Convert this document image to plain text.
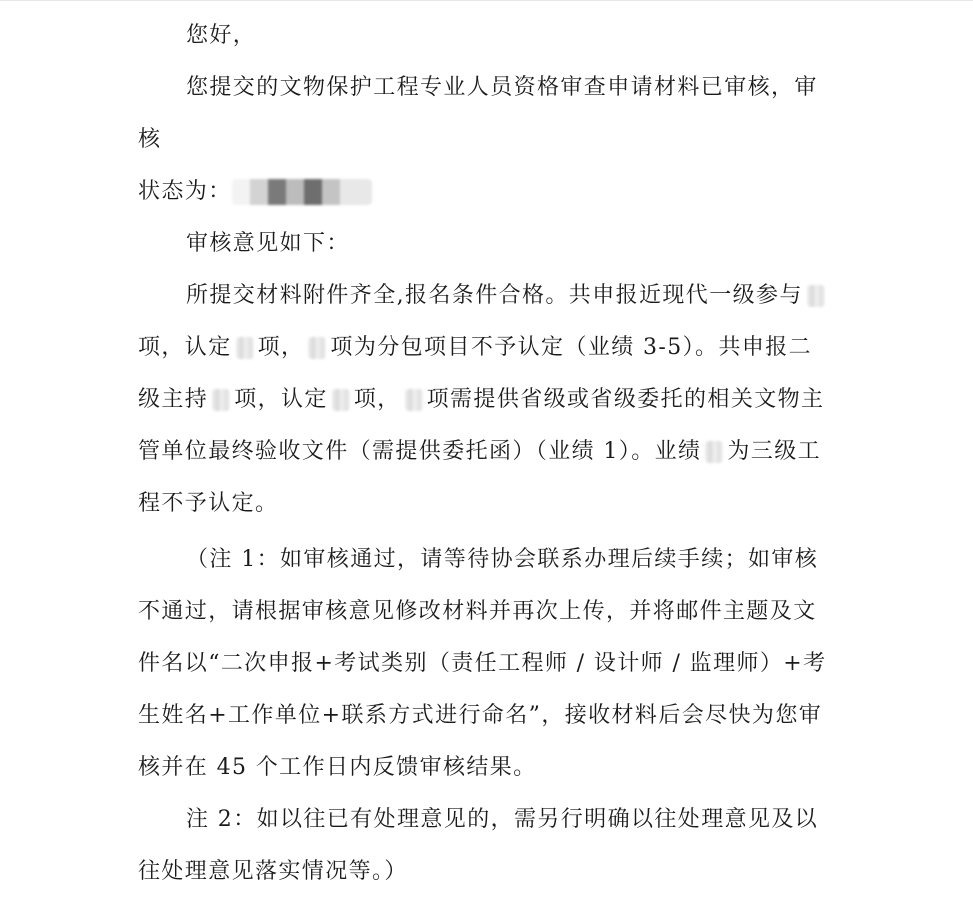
您好，

您提交的文物保护工程专业人员资格审查申请材料已审核，审核
状态为：

审核意见如下：

所提交材料附件齐全,报名条件合格。共申报近现代一级参与项，认定 项， 项为分包项目不予认定（业绩 3-5）。共申报二级主持 项，认定 项， 项需提供省级或省级委托的相关文物主管单位最终验收文件（需提供委托函）（业绩 1）。业绩 为三级工程不予认定。

（注 1：如审核通过，请等待协会联系办理后续手续；如审核不通过，请根据审核意见修改材料并再次上传，并将邮件主题及文件名以“二次申报+考试类别（责任工程师 / 设计师 / 监理师）+考生姓名+工作单位+联系方式进行命名”，接收材料后会尽快为您审核并在 45 个工作日内反馈审核结果。

注 2：如以往已有处理意见的，需另行明确以往处理意见及以往处理意见落实情况等。）
